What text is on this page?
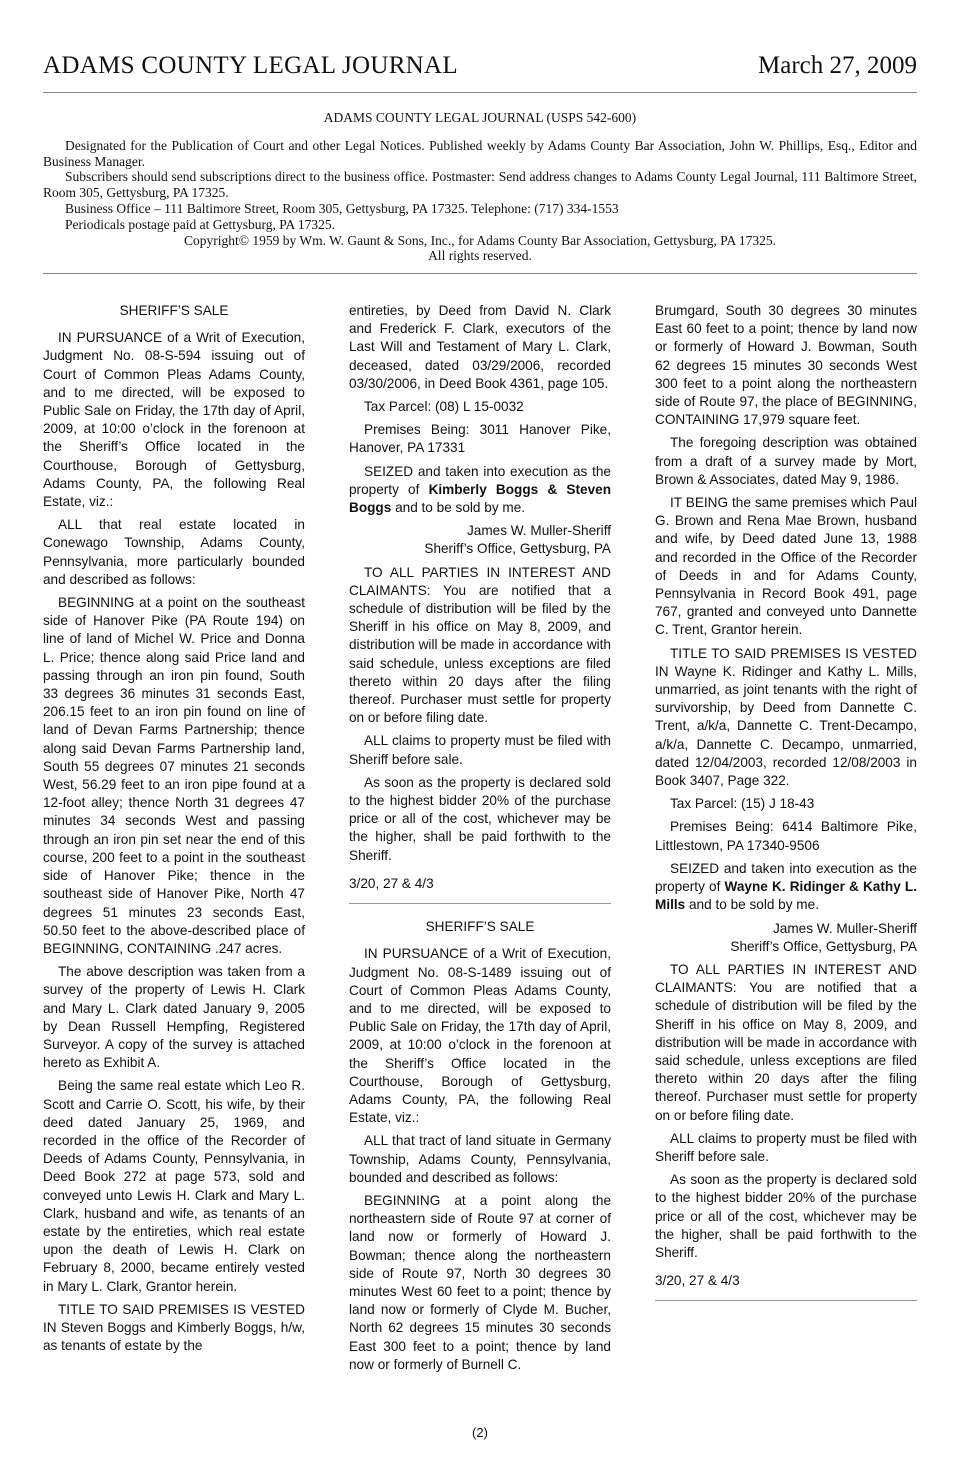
ADAMS COUNTY LEGAL JOURNAL	March 27, 2009
ADAMS COUNTY LEGAL JOURNAL (USPS 542-600)
Designated for the Publication of Court and other Legal Notices. Published weekly by Adams County Bar Association, John W. Phillips, Esq., Editor and Business Manager.
Subscribers should send subscriptions direct to the business office. Postmaster: Send address changes to Adams County Legal Journal, 111 Baltimore Street, Room 305, Gettysburg, PA 17325.
Business Office – 111 Baltimore Street, Room 305, Gettysburg, PA 17325. Telephone: (717) 334-1553
Periodicals postage paid at Gettysburg, PA 17325.
Copyright© 1959 by Wm. W. Gaunt & Sons, Inc., for Adams County Bar Association, Gettysburg, PA 17325.
All rights reserved.

SHERIFF’S SALE

IN PURSUANCE of a Writ of Execution, Judgment No. 08-S-594 issuing out of Court of Common Pleas Adams County, and to me directed, will be exposed to Public Sale on Friday, the 17th day of April, 2009, at 10:00 o’clock in the forenoon at the Sheriff’s Office located in the Courthouse, Borough of Gettysburg, Adams County, PA, the following Real Estate, viz.:

ALL that real estate located in Conewago Township, Adams County, Pennsylvania, more particularly bounded and described as follows:

BEGINNING at a point on the southeast side of Hanover Pike (PA Route 194) on line of land of Michel W. Price and Donna L. Price; thence along said Price land and passing through an iron pin found, South 33 degrees 36 minutes 31 seconds East, 206.15 feet to an iron pin found on line of land of Devan Farms Partnership; thence along said Devan Farms Partnership land, South 55 degrees 07 minutes 21 seconds West, 56.29 feet to an iron pipe found at a 12-foot alley; thence North 31 degrees 47 minutes 34 seconds West and passing through an iron pin set near the end of this course, 200 feet to a point in the southeast side of Hanover Pike; thence in the southeast side of Hanover Pike, North 47 degrees 51 minutes 23 seconds East, 50.50 feet to the above-described place of BEGINNING, CONTAINING .247 acres.

The above description was taken from a survey of the property of Lewis H. Clark and Mary L. Clark dated January 9, 2005 by Dean Russell Hempfing, Registered Surveyor. A copy of the survey is attached hereto as Exhibit A.

Being the same real estate which Leo R. Scott and Carrie O. Scott, his wife, by their deed dated January 25, 1969, and recorded in the office of the Recorder of Deeds of Adams County, Pennsylvania, in Deed Book 272 at page 573, sold and conveyed unto Lewis H. Clark and Mary L. Clark, husband and wife, as tenants of an estate by the entireties, which real estate upon the death of Lewis H. Clark on February 8, 2000, became entirely vested in Mary L. Clark, Grantor herein.

TITLE TO SAID PREMISES IS VESTED IN Steven Boggs and Kimberly Boggs, h/w, as tenants of estate by the

entireties, by Deed from David N. Clark and Frederick F. Clark, executors of the Last Will and Testament of Mary L. Clark, deceased, dated 03/29/2006, recorded 03/30/2006, in Deed Book 4361, page 105.

Tax Parcel: (08) L 15-0032

Premises Being: 3011 Hanover Pike, Hanover, PA 17331

SEIZED and taken into execution as the property of Kimberly Boggs & Steven Boggs and to be sold by me.

James W. Muller-Sheriff

Sheriff’s Office, Gettysburg, PA

TO ALL PARTIES IN INTEREST AND CLAIMANTS: You are notified that a schedule of distribution will be filed by the Sheriff in his office on May 8, 2009, and distribution will be made in accordance with said schedule, unless exceptions are filed thereto within 20 days after the filing thereof. Purchaser must settle for property on or before filing date.

ALL claims to property must be filed with Sheriff before sale.

As soon as the property is declared sold to the highest bidder 20% of the purchase price or all of the cost, whichever may be the higher, shall be paid forthwith to the Sheriff.

3/20, 27 & 4/3

SHERIFF’S SALE

IN PURSUANCE of a Writ of Execution, Judgment No. 08-S-1489 issuing out of Court of Common Pleas Adams County, and to me directed, will be exposed to Public Sale on Friday, the 17th day of April, 2009, at 10:00 o’clock in the forenoon at the Sheriff’s Office located in the Courthouse, Borough of Gettysburg, Adams County, PA, the following Real Estate, viz.:

ALL that tract of land situate in Germany Township, Adams County, Pennsylvania, bounded and described as follows:

BEGINNING at a point along the northeastern side of Route 97 at corner of land now or formerly of Howard J. Bowman; thence along the northeastern side of Route 97, North 30 degrees 30 minutes West 60 feet to a point; thence by land now or formerly of Clyde M. Bucher, North 62 degrees 15 minutes 30 seconds East 300 feet to a point; thence by land now or formerly of Burnell C.

Brumgard, South 30 degrees 30 minutes East 60 feet to a point; thence by land now or formerly of Howard J. Bowman, South 62 degrees 15 minutes 30 seconds West 300 feet to a point along the northeastern side of Route 97, the place of BEGINNING, CONTAINING 17,979 square feet.

The foregoing description was obtained from a draft of a survey made by Mort, Brown & Associates, dated May 9, 1986.

IT BEING the same premises which Paul G. Brown and Rena Mae Brown, husband and wife, by Deed dated June 13, 1988 and recorded in the Office of the Recorder of Deeds in and for Adams County, Pennsylvania in Record Book 491, page 767, granted and conveyed unto Dannette C. Trent, Grantor herein.

TITLE TO SAID PREMISES IS VESTED IN Wayne K. Ridinger and Kathy L. Mills, unmarried, as joint tenants with the right of survivorship, by Deed from Dannette C. Trent, a/k/a, Dannette C. Trent-Decampo, a/k/a, Dannette C. Decampo, unmarried, dated 12/04/2003, recorded 12/08/2003 in Book 3407, Page 322.

Tax Parcel: (15) J 18-43

Premises Being: 6414 Baltimore Pike, Littlestown, PA 17340-9506

SEIZED and taken into execution as the property of Wayne K. Ridinger & Kathy L. Mills and to be sold by me.

James W. Muller-Sheriff

Sheriff’s Office, Gettysburg, PA

TO ALL PARTIES IN INTEREST AND CLAIMANTS: You are notified that a schedule of distribution will be filed by the Sheriff in his office on May 8, 2009, and distribution will be made in accordance with said schedule, unless exceptions are filed thereto within 20 days after the filing thereof. Purchaser must settle for property on or before filing date.

ALL claims to property must be filed with Sheriff before sale.

As soon as the property is declared sold to the highest bidder 20% of the purchase price or all of the cost, whichever may be the higher, shall be paid forthwith to the Sheriff.

3/20, 27 & 4/3

(2)
